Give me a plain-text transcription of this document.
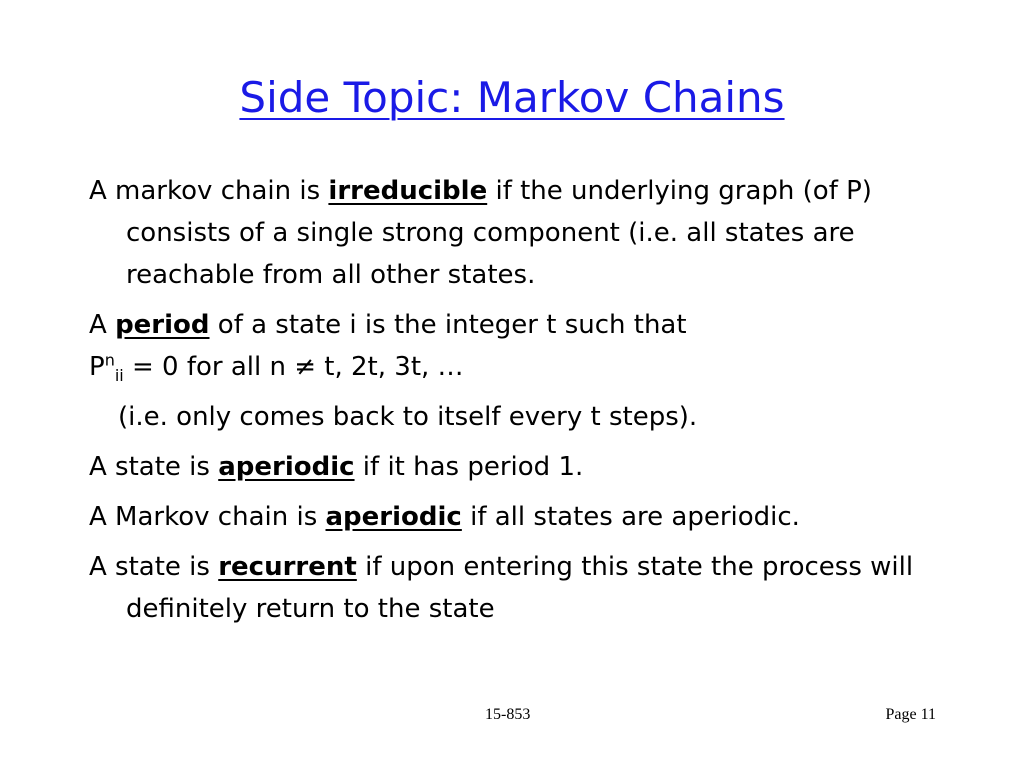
Side Topic: Markov Chains

A markov chain is irreducible if the underlying graph (of P) consists of a single strong component (i.e. all states are reachable from all other states.

A period of a state i is the integer t such that
$P^n_{ii} = 0$ for all n ≠ t, 2t, 3t, …

(i.e. only comes back to itself every t steps).

A state is aperiodic if it has period 1.

A Markov chain is aperiodic if all states are aperiodic.

A state is recurrent if upon entering this state the process will definitely return to the state

15-853	Page 11
